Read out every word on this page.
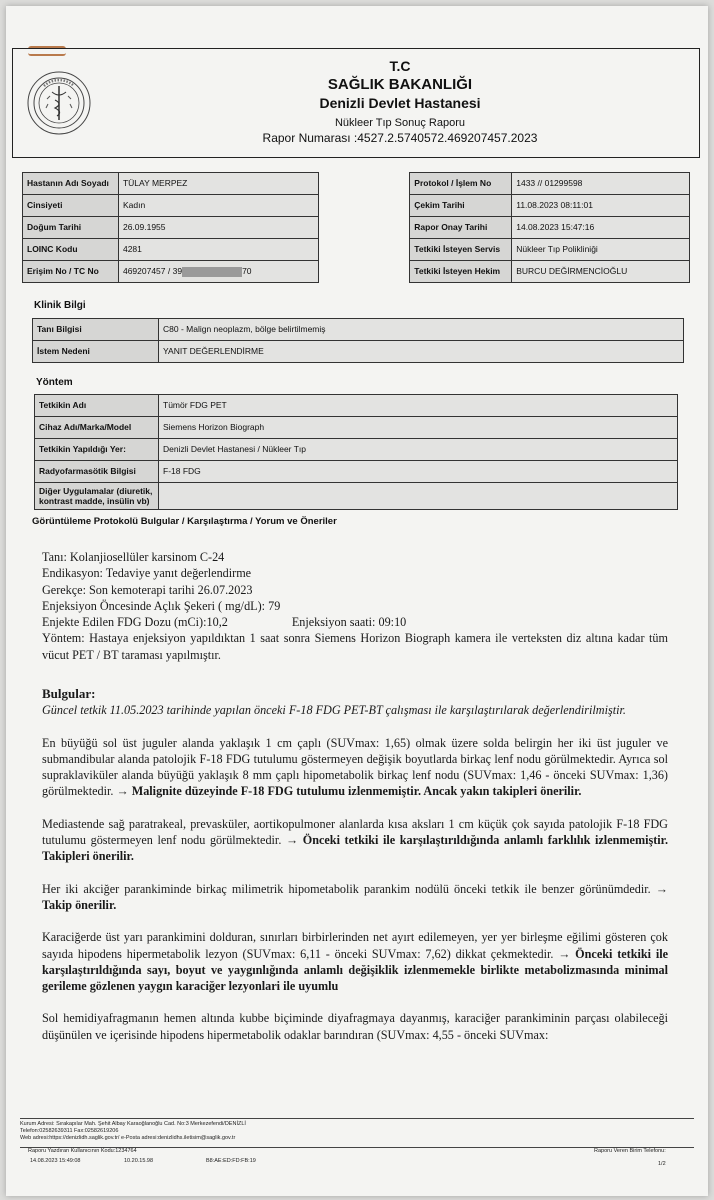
T.C
SAĞLIK BAKANLIĞI
Denizli Devlet Hastanesi
Nükleer Tıp Sonuç Raporu
Rapor Numarası :4527.2.5740572.469207457.2023
Hastanın Adı Soyadı	TÜLAY MERPEZ		Protokol / İşlem No	1433 // 01299598
Cinsiyeti	Kadın		Çekim Tarihi	11.08.2023 08:11:01
Doğum Tarihi	26.09.1955		Rapor Onay Tarihi	14.08.2023 15:47:16
LOINC Kodu	4281		Tetkiki İsteyen Servis	Nükleer Tıp Polikliniği
Erişim No / TC No	469207457 / 39 70		Tetkiki İsteyen Hekim	BURCU DEĞİRMENCİOĞLU
Klinik Bilgi
Tanı Bilgisi	C80 - Malign neoplazm, bölge belirtilmemiş
İstem Nedeni	YANIT DEĞERLENDİRME
Yöntem
Tetkikin Adı	Tümör FDG PET
Cihaz Adı/Marka/Model	Siemens Horizon Biograph
Tetkikin Yapıldığı Yer:	Denizli Devlet Hastanesi / Nükleer Tıp
Radyofarmasötik Bilgisi	F-18 FDG
Diğer Uygulamalar (diuretik, kontrast madde, insülin vb)	
Görüntüleme Protokolü Bulgular / Karşılaştırma / Yorum ve Öneriler

Tanı: Kolanjiosellüler karsinom C-24

Endikasyon: Tedaviye yanıt değerlendirme

Gerekçe: Son kemoterapi tarihi 26.07.2023

Enjeksiyon Öncesinde Açlık Şekeri ( mg/dL): 79

Enjekte Edilen FDG Dozu (mCi):10,2	Enjeksiyon saati: 09:10

Yöntem: Hastaya enjeksiyon yapıldıktan 1 saat sonra Siemens Horizon Biograph kamera ile verteksten diz altına kadar tüm vücut PET / BT taraması yapılmıştır.

Bulgular:

Güncel tetkik 11.05.2023 tarihinde yapılan önceki F-18 FDG PET-BT çalışması ile karşılaştırılarak değerlendirilmiştir.

En büyüğü sol üst juguler alanda yaklaşık 1 cm çaplı (SUVmax: 1,65) olmak üzere solda belirgin her iki üst juguler ve submandibular alanda patolojik F-18 FDG tutulumu göstermeyen değişik boyutlarda birkaç lenf nodu görülmektedir. Ayrıca sol supraklaviküler alanda büyüğü yaklaşık 8 mm çaplı hipometabolik birkaç lenf nodu (SUVmax: 1,46 - önceki SUVmax: 1,36) görülmektedir. → Malignite düzeyinde F-18 FDG tutulumu izlenmemiştir. Ancak yakın takipleri önerilir.

Mediastende sağ paratrakeal, prevasküler, aortikopulmoner alanlarda kısa aksları 1 cm küçük çok sayıda patolojik F-18 FDG tutulumu göstermeyen lenf nodu görülmektedir. → Önceki tetkiki ile karşılaştırıldığında anlamlı farklılık izlenmemiştir. Takipleri önerilir.

Her iki akciğer parankiminde birkaç milimetrik hipometabolik parankim nodülü önceki tetkik ile benzer görünümdedir. → Takip önerilir.

Karaciğerde üst yarı parankimini dolduran, sınırları birbirlerinden net ayırt edilemeyen, yer yer birleşme eğilimi gösteren çok sayıda hipodens hipermetabolik lezyon (SUVmax: 6,11 - önceki SUVmax: 7,62) dikkat çekmektedir. → Önceki tetkiki ile karşılaştırıldığında sayı, boyut ve yaygınlığında anlamlı değişiklik izlenmemekle birlikte metabolizmasında minimal gerileme gözlenen yaygın karaciğer lezyonlari ile uyumlu

Sol hemidiyafragmanın hemen altında kubbe biçiminde diyafragmaya dayanmış, karaciğer parankiminin parçası olabileceği düşünülen ve içerisinde hipodens hipermetabolik odaklar barındıran (SUVmax: 4,55 - önceki SUVmax:

Kurum Adresi: Sırakapılar Mah. Şehit Albay Karaoğlanoğlu Cad. No:3 Merkezefendi/DENİZLİ
Telefon:02582639311 Fax:02582619206
Web adresi:https://denizlidh.saglik.gov.tr/ e-Posta adresi:denizlidhs.iletisim@saglik.gov.tr
Raporu Yazdıran Kullanıcının Kodu:1234764
14.08.2023 15:49:08	10.20.15.98	B8:AE:ED:FD:FB:19
Raporu Veren Birim Telefonu:
1/2
